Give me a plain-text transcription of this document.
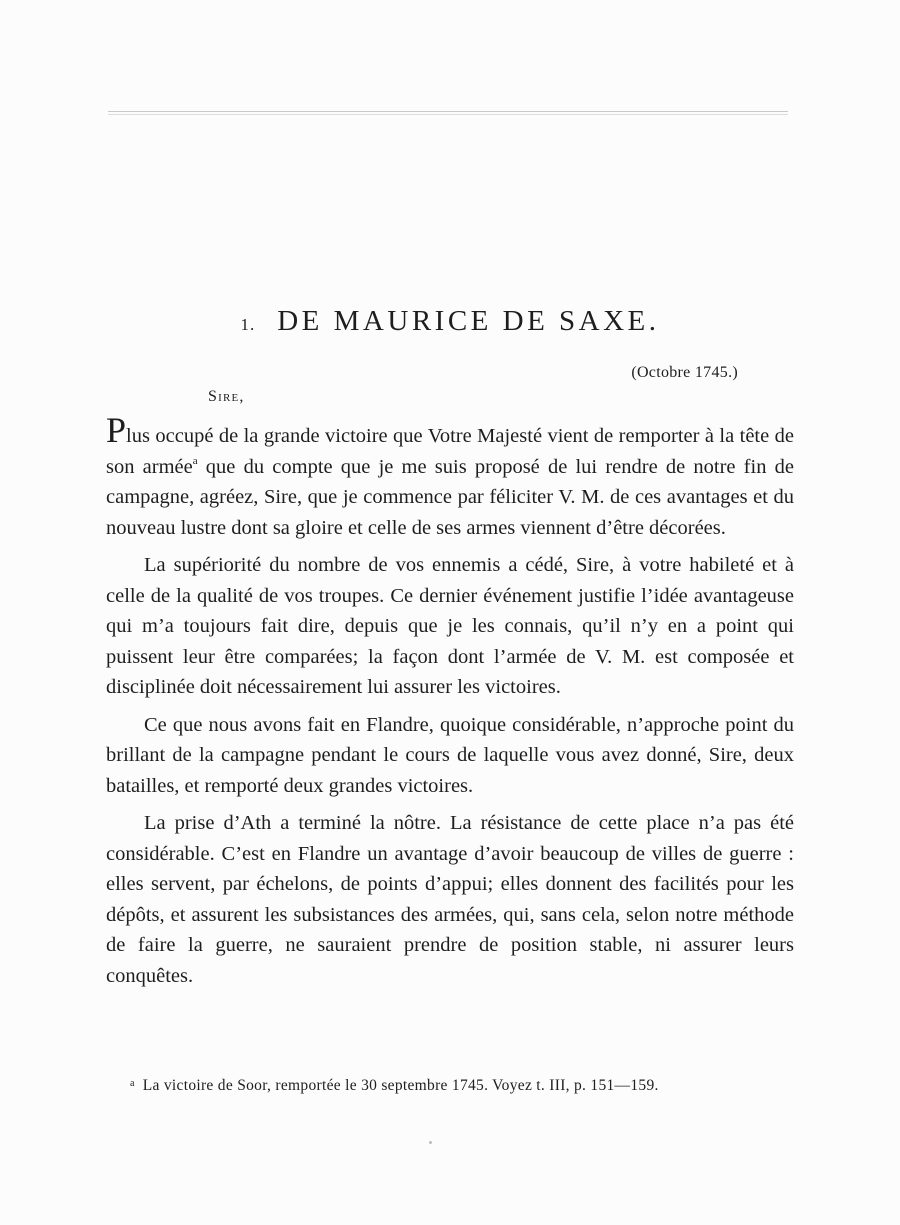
1. DE MAURICE DE SAXE.
(Octobre 1745.)
Sire,

Plus occupé de la grande victoire que Votre Majesté vient de remporter à la tête de son armée$^a$ que du compte que je me suis proposé de lui rendre de notre fin de campagne, agréez, Sire, que je commence par féliciter V. M. de ces avantages et du nouveau lustre dont sa gloire et celle de ses armes viennent d’être décorées.

La supériorité du nombre de vos ennemis a cédé, Sire, à votre habileté et à celle de la qualité de vos troupes. Ce dernier événement justifie l’idée avantageuse qui m’a toujours fait dire, depuis que je les connais, qu’il n’y en a point qui puissent leur être comparées; la façon dont l’armée de V. M. est composée et disciplinée doit nécessairement lui assurer les victoires.

Ce que nous avons fait en Flandre, quoique considérable, n’approche point du brillant de la campagne pendant le cours de laquelle vous avez donné, Sire, deux batailles, et remporté deux grandes victoires.

La prise d’Ath a terminé la nôtre. La résistance de cette place n’a pas été considérable. C’est en Flandre un avantage d’avoir beaucoup de villes de guerre : elles servent, par échelons, de points d’appui; elles donnent des facilités pour les dépôts, et assurent les subsistances des armées, qui, sans cela, selon notre méthode de faire la guerre, ne sauraient prendre de position stable, ni assurer leurs conquêtes.

$^a$ La victoire de Soor, remportée le 30 septembre 1745. Voyez t. III, p. 151—159.
